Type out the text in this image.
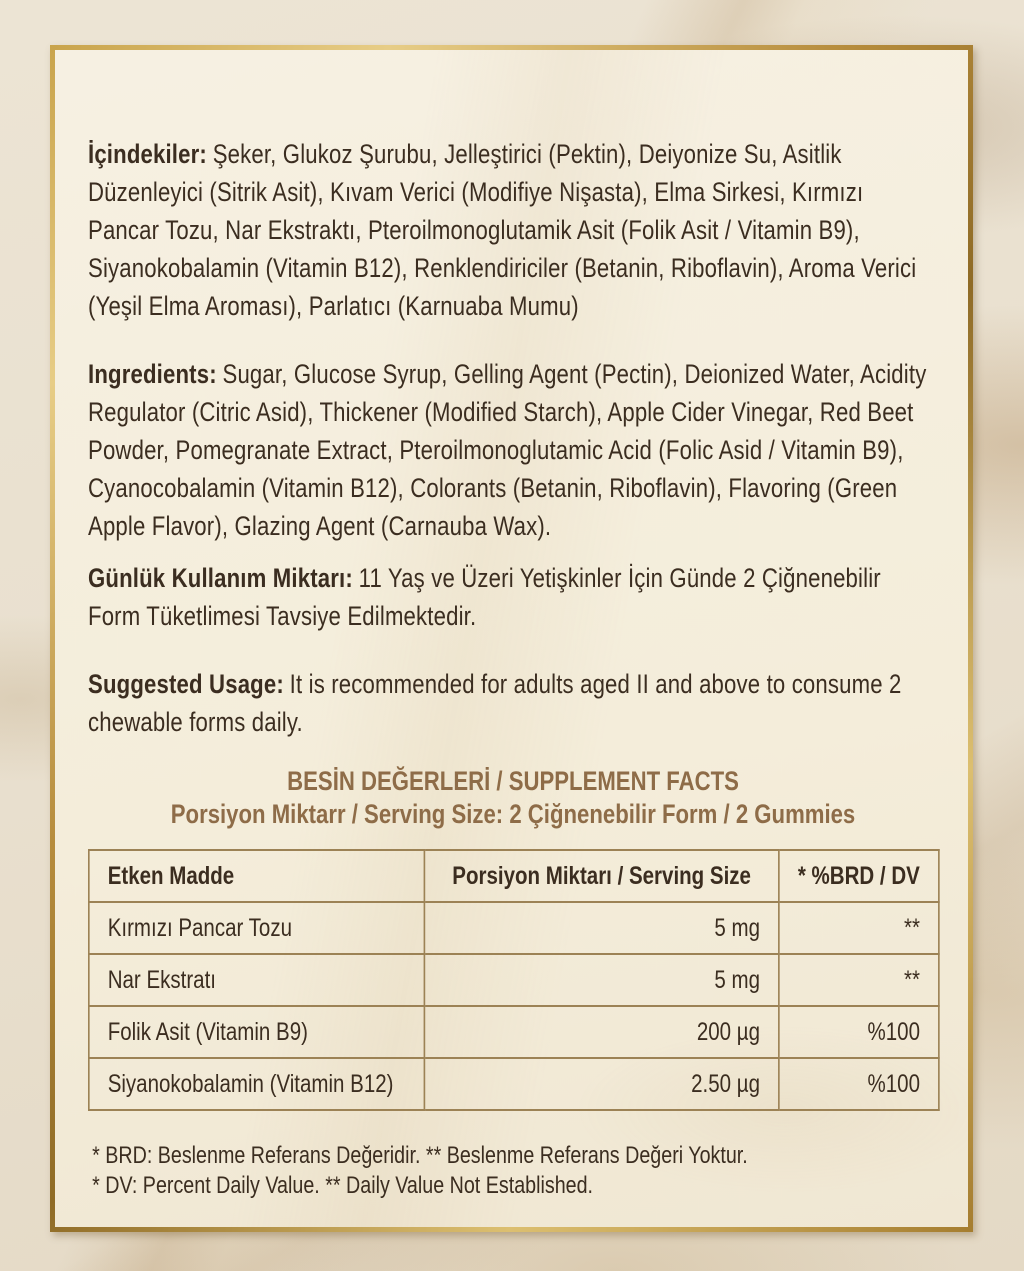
İçindekiler: Şeker, Glukoz Şurubu, Jelleştirici (Pektin), Deiyonize Su, Asitlik Düzenleyici (Sitrik Asit), Kıvam Verici (Modifiye Nişasta), Elma Sirkesi, Kırmızı Pancar Tozu, Nar Ekstraktı, Pteroilmonoglutamik Asit (Folik Asit / Vitamin B9), Siyanokobalamin (Vitamin B12), Renklendiriciler (Betanin, Riboflavin), Aroma Verici (Yeşil Elma Aroması), Parlatıcı (Karnuaba Mumu)

Ingredients: Sugar, Glucose Syrup, Gelling Agent (Pectin), Deionized Water, Acidity Regulator (Citric Asid), Thickener (Modified Starch), Apple Cider Vinegar, Red Beet Powder, Pomegranate Extract, Pteroilmonoglutamic Acid (Folic Asid / Vitamin B9), Cyanocobalamin (Vitamin B12), Colorants (Betanin, Riboflavin), Flavoring (Green Apple Flavor), Glazing Agent (Carnauba Wax).

Günlük Kullanım Miktarı: 11 Yaş ve Üzeri Yetişkinler İçin Günde 2 Çiğnenebilir Form Tüketlimesi Tavsiye Edilmektedir.

Suggested Usage: It is recommended for adults aged II and above to consume 2 chewable forms daily.

BESİN DEĞERLERİ / SUPPLEMENT FACTS

Porsiyon Miktarr / Serving Size: 2 Çiğnenebilir Form / 2 Gummies

Etken Madde	Porsiyon Miktarı / Serving Size	* %BRD / DV
Kırmızı Pancar Tozu	5 mg	**
Nar Ekstratı	5 mg	**
Folik Asit (Vitamin B9)	200 µg	%100
Siyanokobalamin (Vitamin B12)	2.50 µg	%100
* BRD: Beslenme Referans Değeridir. ** Beslenme Referans Değeri Yoktur.
* DV: Percent Daily Value. ** Daily Value Not Established.
